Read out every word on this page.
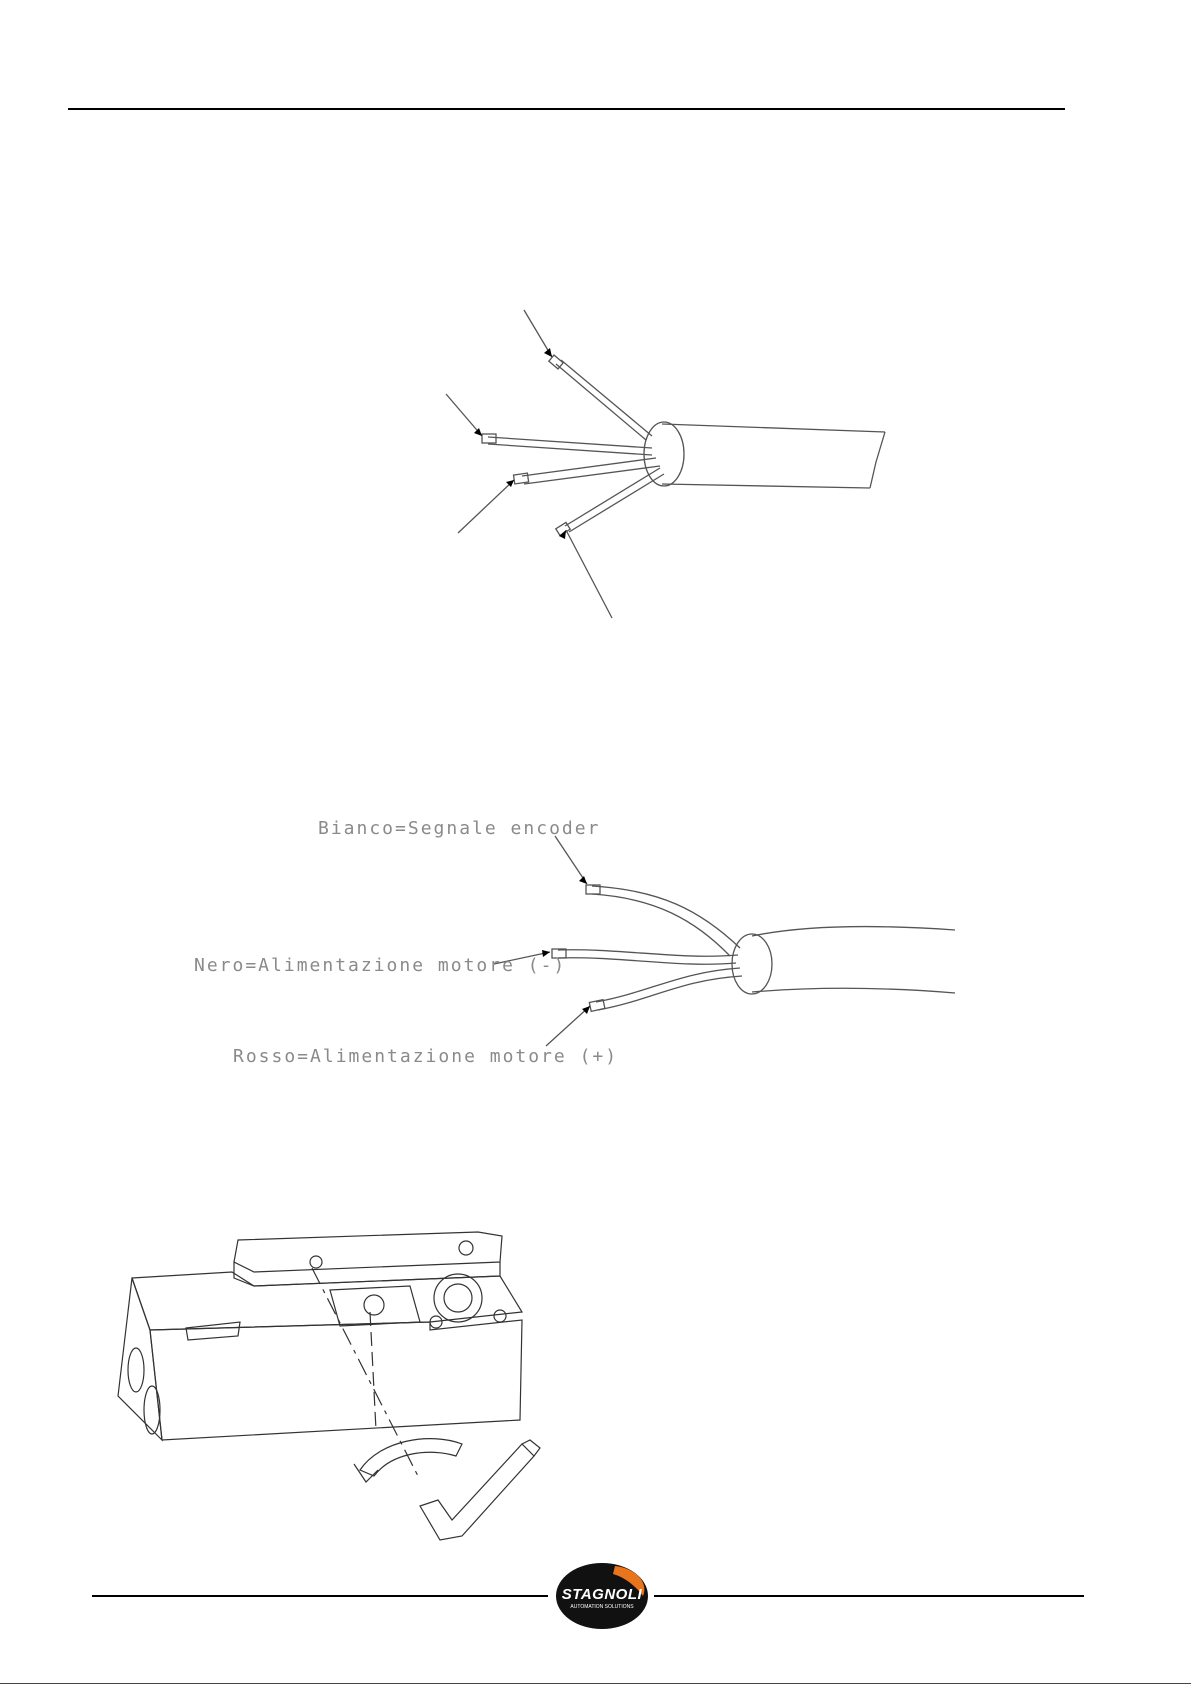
Bianco=Segnale encoder
Nero=Alimentazione motore (-)
Rosso=Alimentazione motore (+)
STAGNOLI
AUTOMATION SOLUTIONS
